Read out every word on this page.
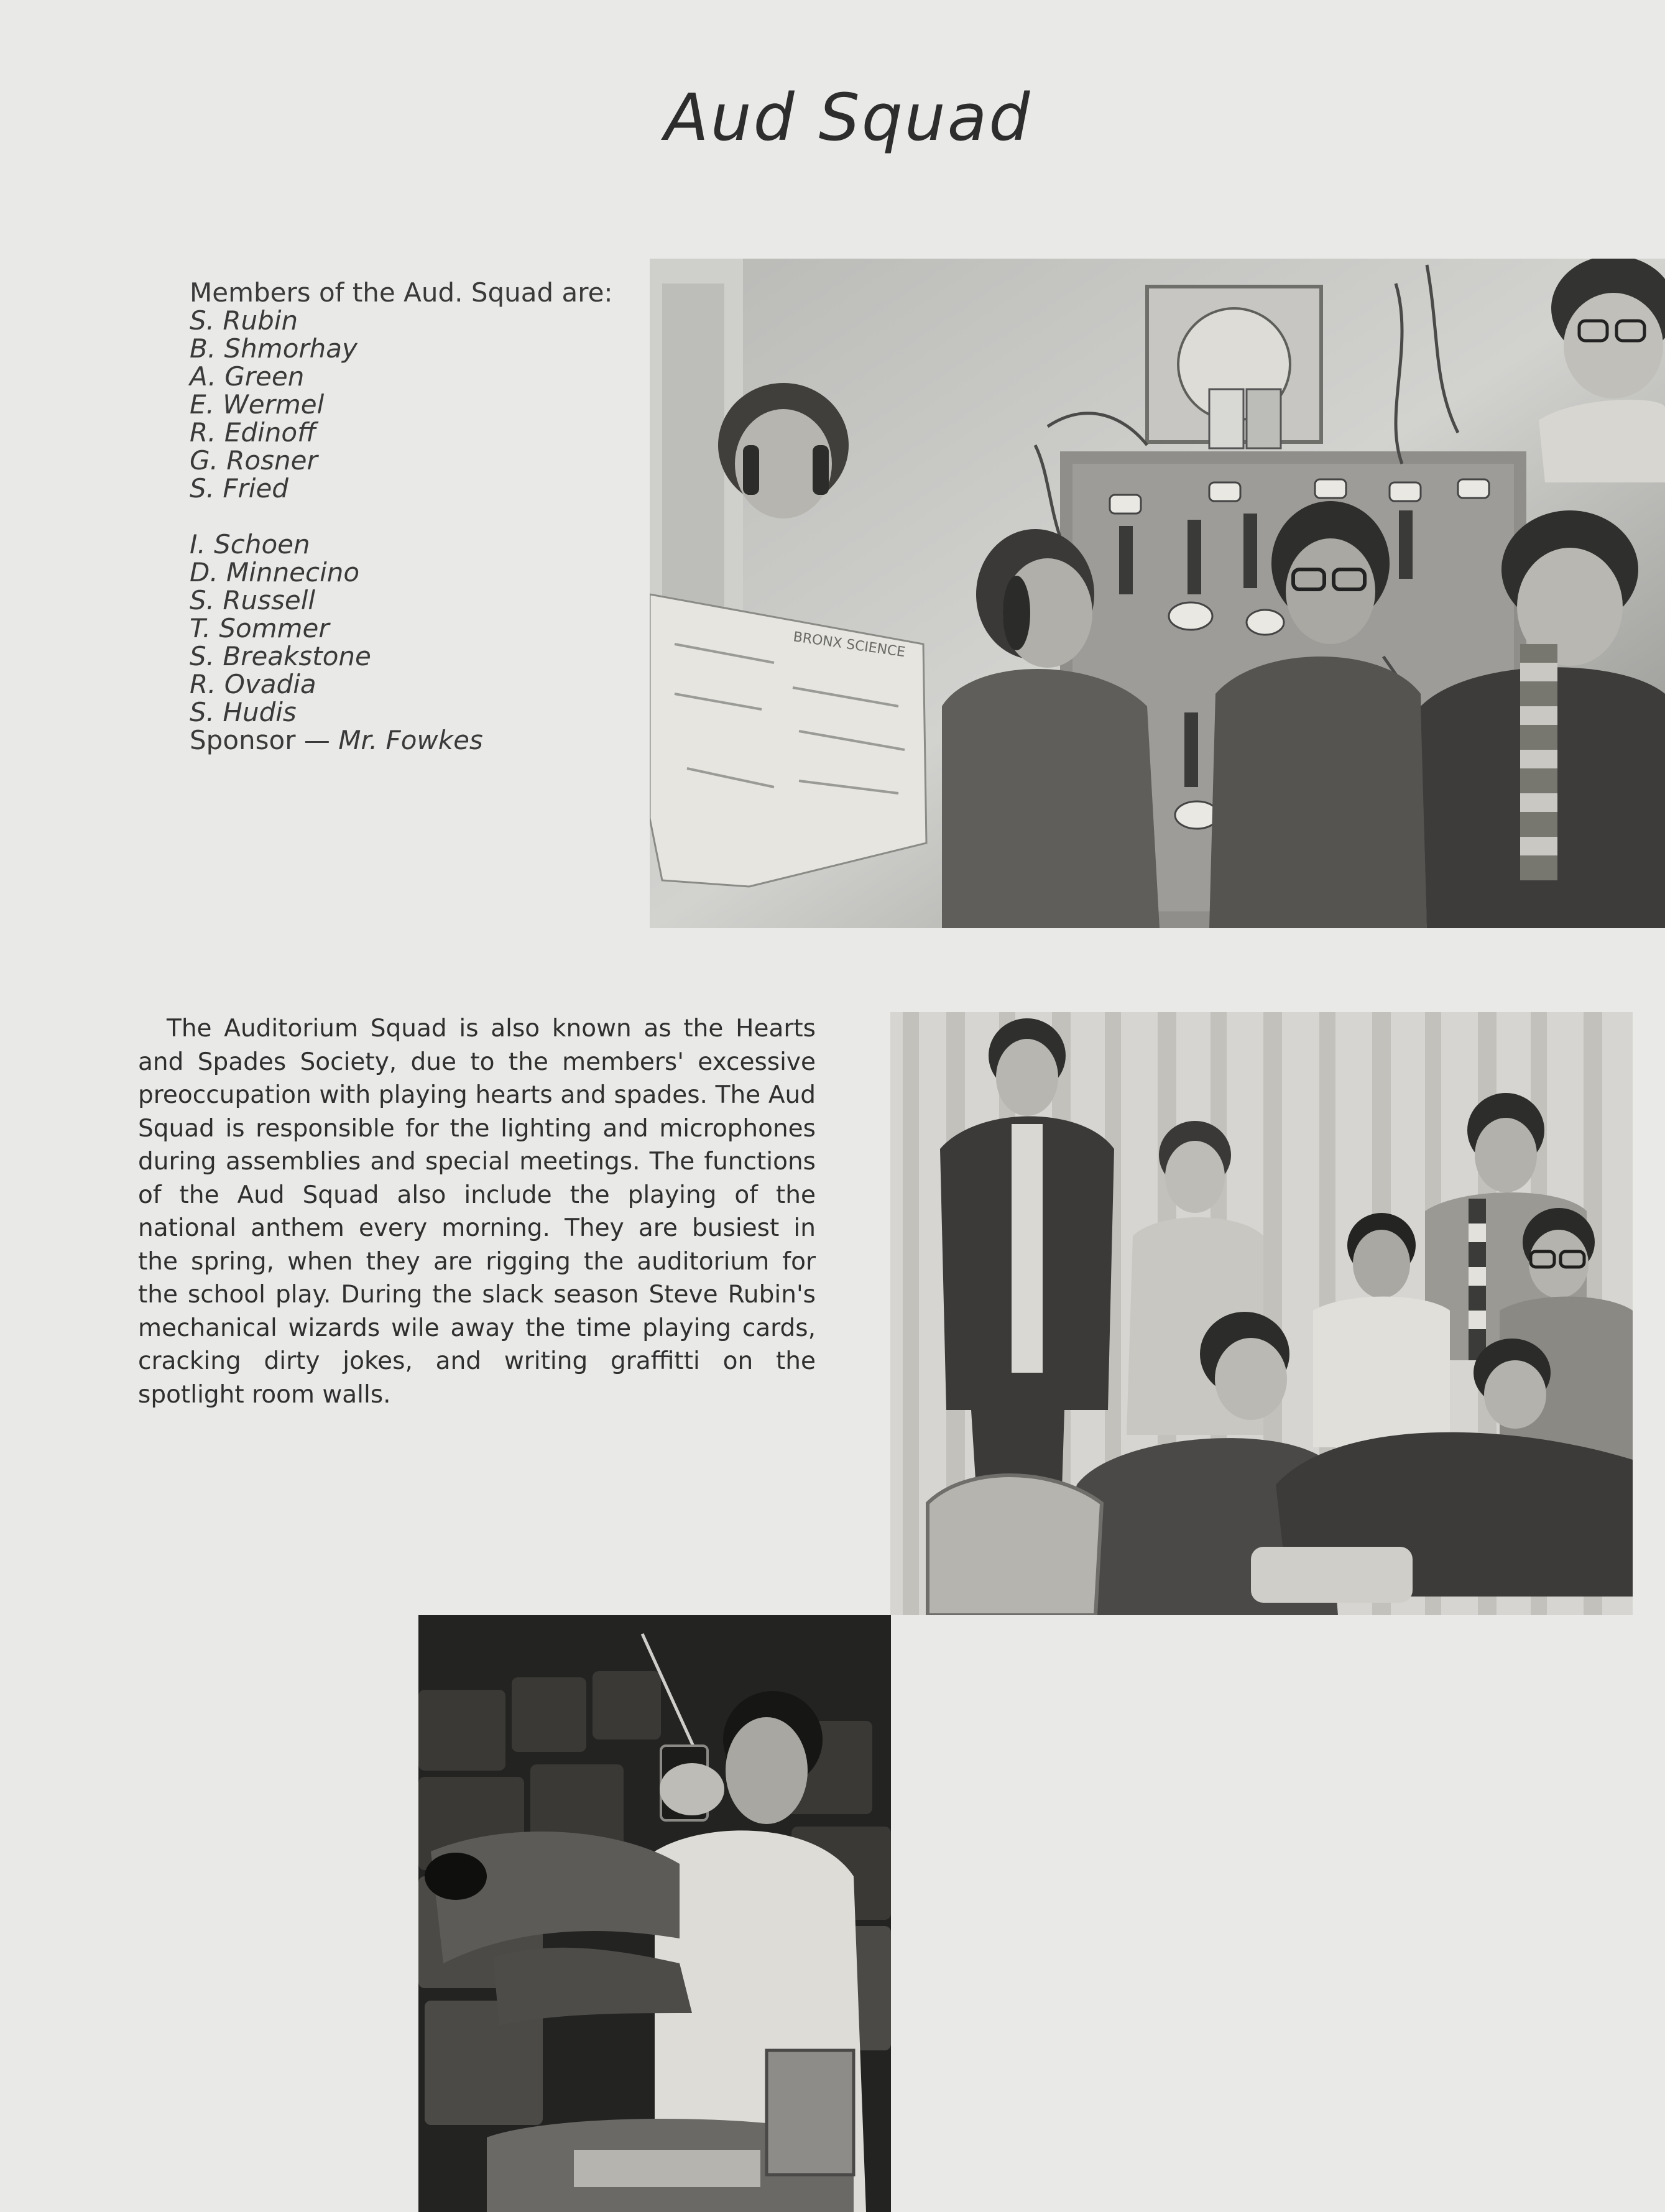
Aud Squad
Members of the Aud. Squad are:
S. Rubin
B. Shmorhay
A. Green
E. Wermel
R. Edinoff
G. Rosner
S. Fried
I. Schoen
D. Minnecino
S. Russell
T. Sommer
S. Breakstone
R. Ovadia
S. Hudis
Sponsor — Mr. Fowkes
The Auditorium Squad is also known as the Hearts and Spades Society, due to the members' excessive preoccupation with playing hearts and spades. The Aud Squad is responsible for the lighting and microphones during assemblies and special meetings. The functions of the Aud Squad also include the playing of the national anthem every morning. They are busiest in the spring, when they are rigging the auditorium for the school play. During the slack season Steve Rubin's mechanical wizards wile away the time playing cards, cracking dirty jokes, and writing graffitti on the spotlight room walls.
BRONX SCIENCE
